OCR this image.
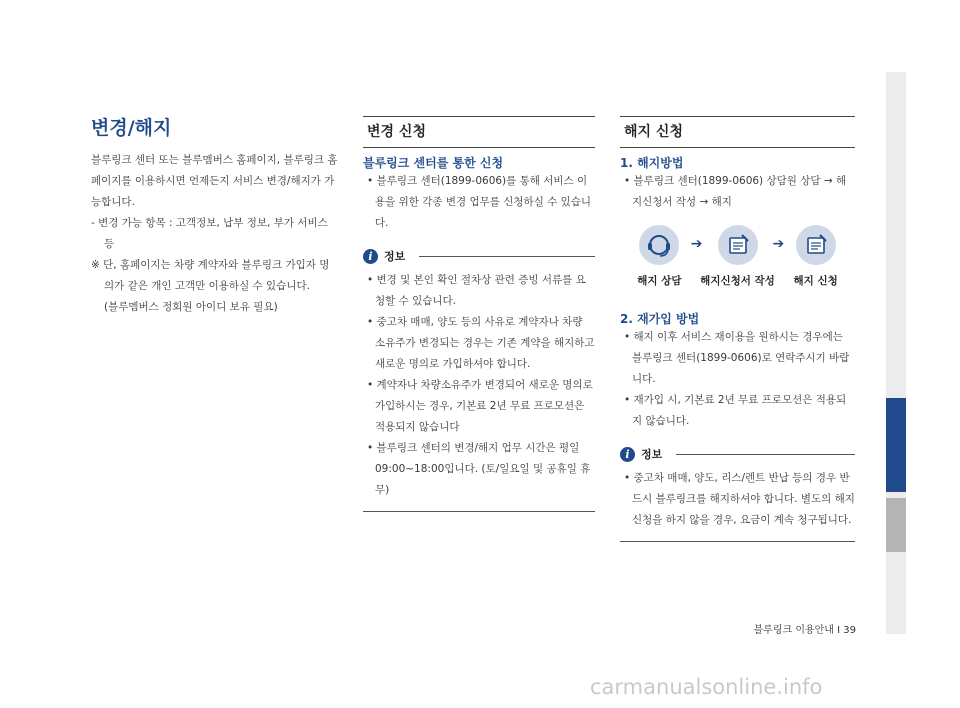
변경/해지

블루링크 센터 또는 블루멤버스 홈페이지, 블루링크 홈페이지를 이용하시면 언제든지 서비스 변경/해지가 가능합니다.

- 변경 가능 항목 : 고객정보, 납부 정보, 부가 서비스 등

※ 단, 홈페이지는 차량 계약자와 블루링크 가입자 명의가 같은 개인 고객만 이용하실 수 있습니다.

(블루멤버스 정회원 아이디 보유 필요)

변경 신청
블루링크 센터를 통한 신청

• 블루링크 센터(1899-0606)를 통해 서비스 이용을 위한 각종 변경 업무를 신청하실 수 있습니다.

i	정보

• 변경 및 본인 확인 절차상 관련 증빙 서류를 요청할 수 있습니다.

• 중고차 매매, 양도 등의 사유로 계약자나 차량 소유주가 변경되는 경우는 기존 계약을 해지하고 새로운 명의로 가입하셔야 합니다.

• 계약자나 차량소유주가 변경되어 새로운 명의로 가입하시는 경우, 기본료 2년 무료 프로모션은 적용되지 않습니다

• 블루링크 센터의 변경/해지 업무 시간은 평일 09:00~18:00입니다. (토/일요일 및 공휴일 휴무)

해지 신청
1. 해지방법

• 블루링크 센터(1899-0606) 상담원 상담 → 해지신청서 작성 → 해지

해지 상담
➔
해지신청서 작성
➔
해지 신청
2. 재가입 방법

• 해지 이후 서비스 재이용을 원하시는 경우에는 블루링크 센터(1899-0606)로 연락주시기 바랍니다.

• 재가입 시, 기본료 2년 무료 프로모션은 적용되지 않습니다.

i	정보

• 중고차 매매, 양도, 리스/렌트 반납 등의 경우 반드시 블루링크를 해지하셔야 합니다. 별도의 해지 신청을 하지 않을 경우, 요금이 계속 청구됩니다.

블루링크 이용안내 I 39
carmanualsonline.info
